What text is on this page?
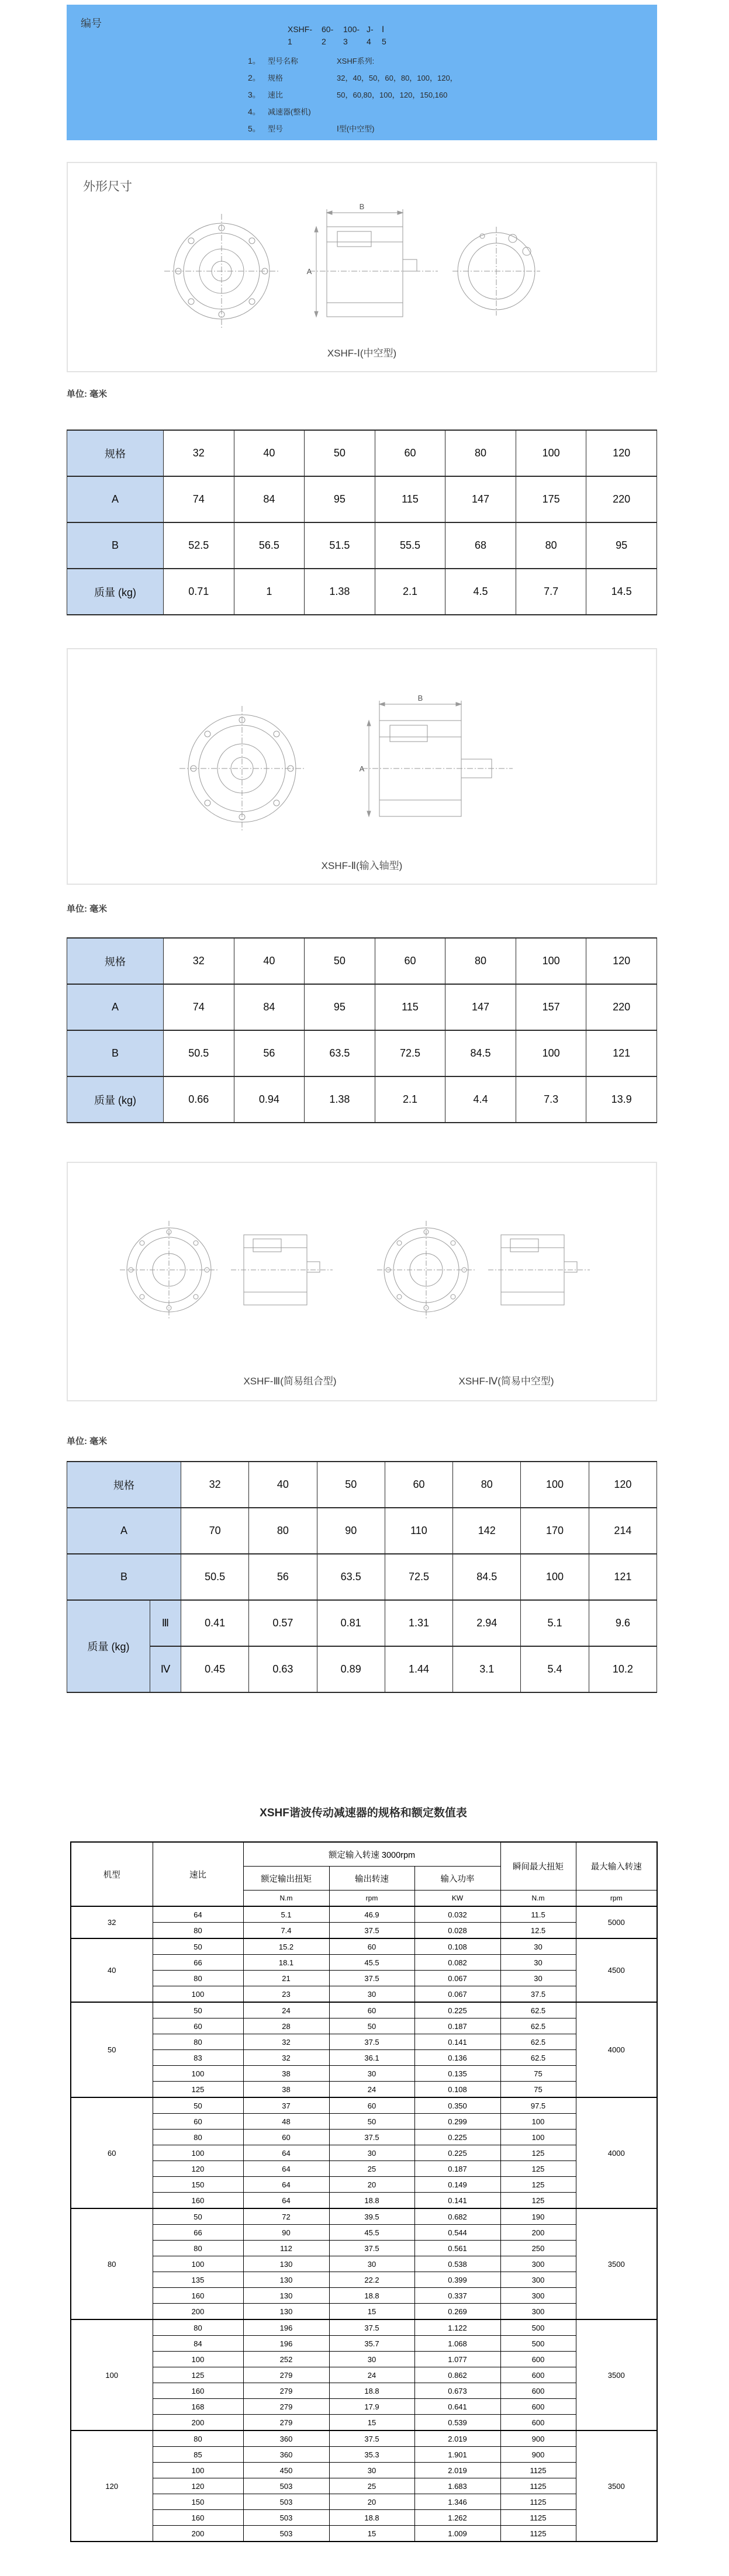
编号	XSHF- 60- 100- J- Ⅰ
1	2 3 4 5
1。 型号名称	XSHF系列:
2。 规格	32，40，50，60，80，100，120，
3。 速比	50，60,80，100，120，150,160
4。 减速器(整机)
5。 型号	Ⅰ型(中空型)
外形尺寸
B
A
XSHF-Ⅰ(中空型)
单位: 毫米
规格	32	40	50	60	80	100	120
A	74	84	95	115	147	175	220
B	52.5	56.5	51.5	55.5	68	80	95
质量 (kg)	0.71	1	1.38	2.1	4.5	7.7	14.5
B
A
XSHF-Ⅱ(输入轴型)
单位: 毫米
规格	32	40	50	60	80	100	120
A	74	84	95	115	147	157	220
B	50.5	56	63.5	72.5	84.5	100	121
质量 (kg)	0.66	0.94	1.38	2.1	4.4	7.3	13.9
XSHF-Ⅲ(简易组合型)	XSHF-Ⅳ(简易中空型)
单位: 毫米
规格		32	40	50	60	80	100	120
A		70	80	90	110	142	170	214
B		50.5	56	63.5	72.5	84.5	100	121
质量 (kg)	Ⅲ	0.41	0.57	0.81	1.31	2.94	5.1	9.6
	Ⅳ	0.45	0.63	0.89	1.44	3.1	5.4	10.2
XSHF谐波传动减速器的规格和额定数值表
机型	速比	额定输入转速 3000rpm			瞬间最大扭矩	最大输入转速
		额定输出扭矩	输出转速	输入功率		
		N.m	rpm	KW	N.m	rpm
32	64	5.1	46.9	0.032	11.5	5000
	80	7.4	37.5	0.028	12.5	
40	50	15.2	60	0.108	30	4500
	66	18.1	45.5	0.082	30	
	80	21	37.5	0.067	30	
	100	23	30	0.067	37.5	
50	50	24	60	0.225	62.5	4000
	60	28	50	0.187	62.5	
	80	32	37.5	0.141	62.5	
	83	32	36.1	0.136	62.5	
	100	38	30	0.135	75	
	125	38	24	0.108	75	
60	50	37	60	0.350	97.5	4000
	60	48	50	0.299	100	
	80	60	37.5	0.225	100	
	100	64	30	0.225	125	
	120	64	25	0.187	125	
	150	64	20	0.149	125	
	160	64	18.8	0.141	125	
80	50	72	39.5	0.682	190	3500
	66	90	45.5	0.544	200	
	80	112	37.5	0.561	250	
	100	130	30	0.538	300	
	135	130	22.2	0.399	300	
	160	130	18.8	0.337	300	
	200	130	15	0.269	300	
100	80	196	37.5	1.122	500	3500
	84	196	35.7	1.068	500	
	100	252	30	1.077	600	
	125	279	24	0.862	600	
	160	279	18.8	0.673	600	
	168	279	17.9	0.641	600	
	200	279	15	0.539	600	
120	80	360	37.5	2.019	900	3500
	85	360	35.3	1.901	900	
	100	450	30	2.019	1125	
	120	503	25	1.683	1125	
	150	503	20	1.346	1125	
	160	503	18.8	1.262	1125	
	200	503	15	1.009	1125	
